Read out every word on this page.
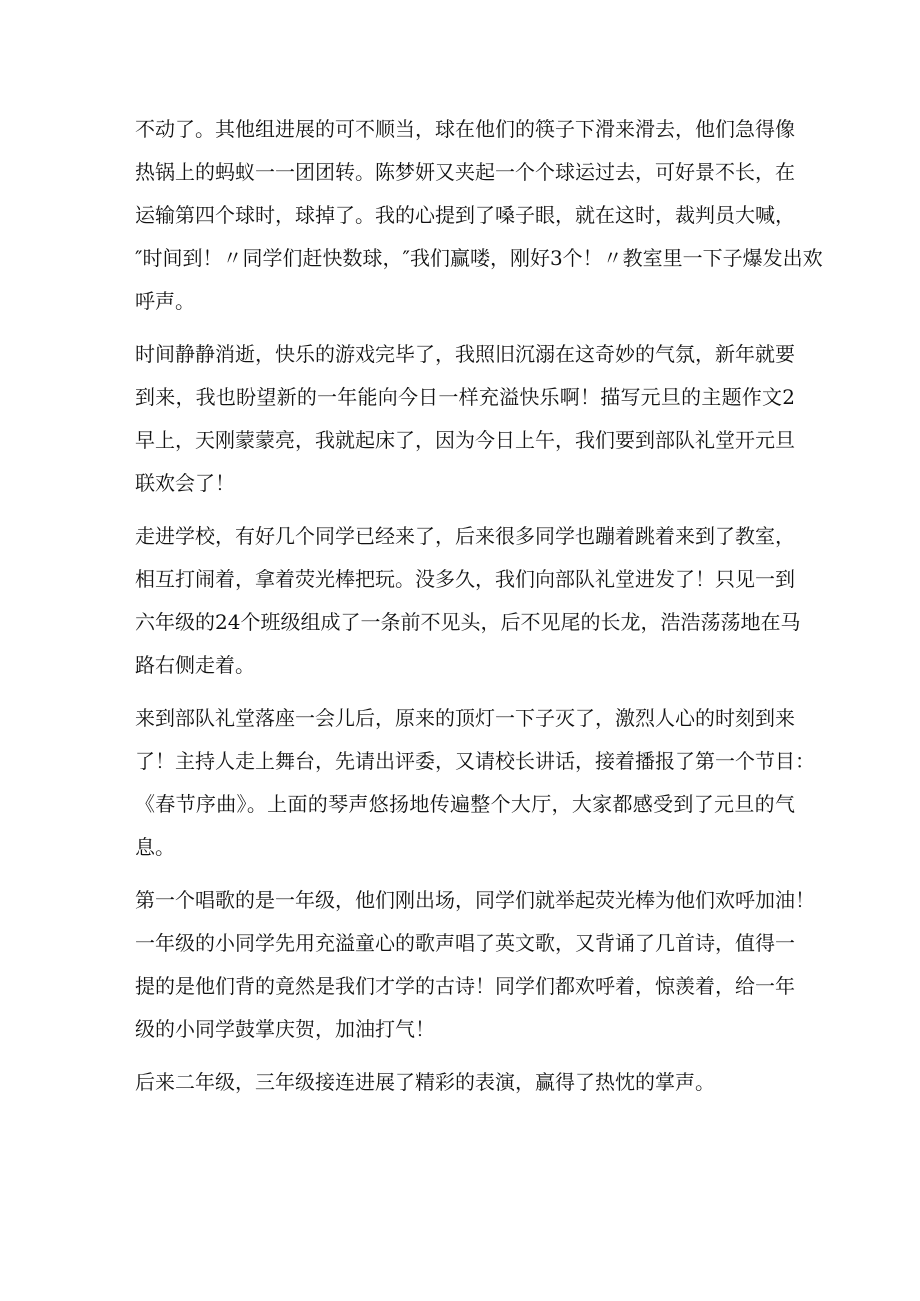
不动了。其他组进展的可不顺当，球在他们的筷子下滑来滑去，他们急得像
热锅上的蚂蚁一一团团转。陈梦妍又夹起一个个球运过去，可好景不长，在
运输第四个球时，球掉了。我的心提到了嗓子眼，就在这时，裁判员大喊，
″时间到！〃同学们赶快数球，″我们赢喽，刚好3个！〃教室里一下子爆发出欢
呼声。
时间静静消逝，快乐的游戏完毕了，我照旧沉溺在这奇妙的气氛，新年就要
到来，我也盼望新的一年能向今日一样充溢快乐啊！描写元旦的主题作文2
早上，天刚蒙蒙亮，我就起床了，因为今日上午，我们要到部队礼堂开元旦
联欢会了！
走进学校，有好几个同学已经来了，后来很多同学也蹦着跳着来到了教室，
相互打闹着，拿着荧光棒把玩。没多久，我们向部队礼堂进发了！只见一到
六年级的24个班级组成了一条前不见头，后不见尾的长龙，浩浩荡荡地在马
路右侧走着。
来到部队礼堂落座一会儿后，原来的顶灯一下子灭了，激烈人心的时刻到来
了！主持人走上舞台，先请出评委，又请校长讲话，接着播报了第一个节目：
《春节序曲》。上面的琴声悠扬地传遍整个大厅，大家都感受到了元旦的气
息。
第一个唱歌的是一年级，他们刚出场，同学们就举起荧光棒为他们欢呼加油！
一年级的小同学先用充溢童心的歌声唱了英文歌，又背诵了几首诗，值得一
提的是他们背的竟然是我们才学的古诗！同学们都欢呼着，惊羡着，给一年
级的小同学鼓掌庆贺，加油打气！
后来二年级，三年级接连进展了精彩的表演，赢得了热忱的掌声。
